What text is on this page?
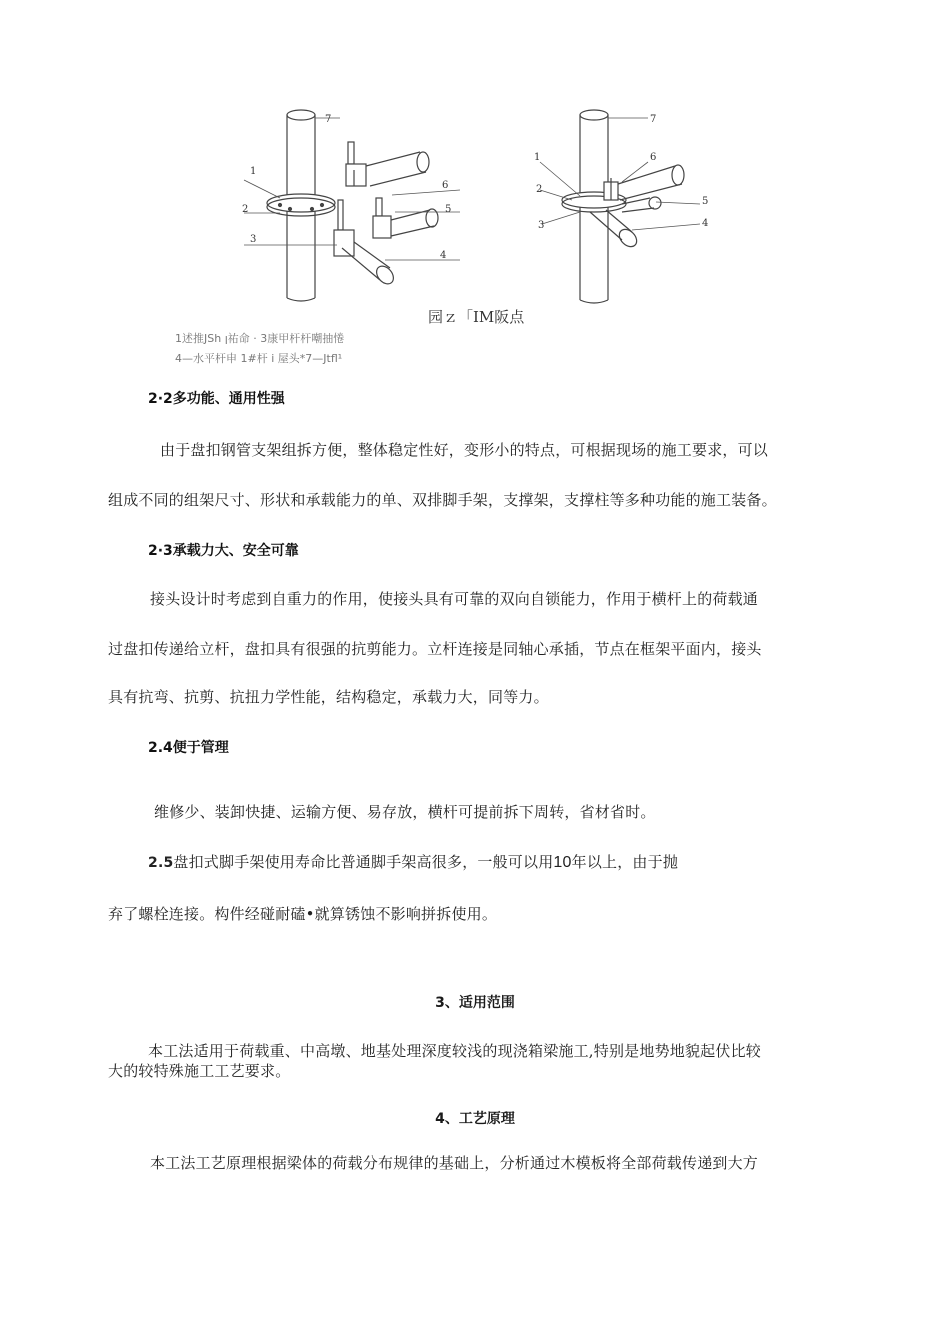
1
2
3
4
5
6
7
1
2
3	4
5
6
7
园ｚ「IM阪点
1述推JSh ꞁ祐命 · 3康甲杆杆嘲抽惓
4—水平杆申 1#杆 i 屋头*7—Jtfl¹
2·2多功能、通用性强
由于盘扣钢管支架组拆方便，整体稳定性好，变形小的特点，可根据现场的施工要求，可以
组成不同的组架尺寸、形状和承载能力的单、双排脚手架，支撑架，支撑柱等多种功能的施工装备。
2·3承载力大、安全可靠
接头设计时考虑到自重力的作用，使接头具有可靠的双向自锁能力，作用于横杆上的荷载通
过盘扣传递给立杆，盘扣具有很强的抗剪能力。立杆连接是同轴心承插，节点在框架平面内，接头
具有抗弯、抗剪、抗扭力学性能，结构稳定，承载力大，同等力。
2.4便于管理
维修少、装卸快捷、运输方便、易存放，横杆可提前拆下周转，省材省时。
2.5盘扣式脚手架使用寿命比普通脚手架高很多，一般可以用10年以上，由于抛
弃了螺栓连接。构件经碰耐磕•就算锈蚀不影响拼拆使用。
3、适用范围
本工法适用于荷载重、中高墩、地基处理深度较浅的现浇箱梁施工,特别是地势地貌起伏比较
大的较特殊施工工艺要求。
4、工艺原理
本工法工艺原理根据梁体的荷载分布规律的基础上，分析通过木模板将全部荷载传递到大方
